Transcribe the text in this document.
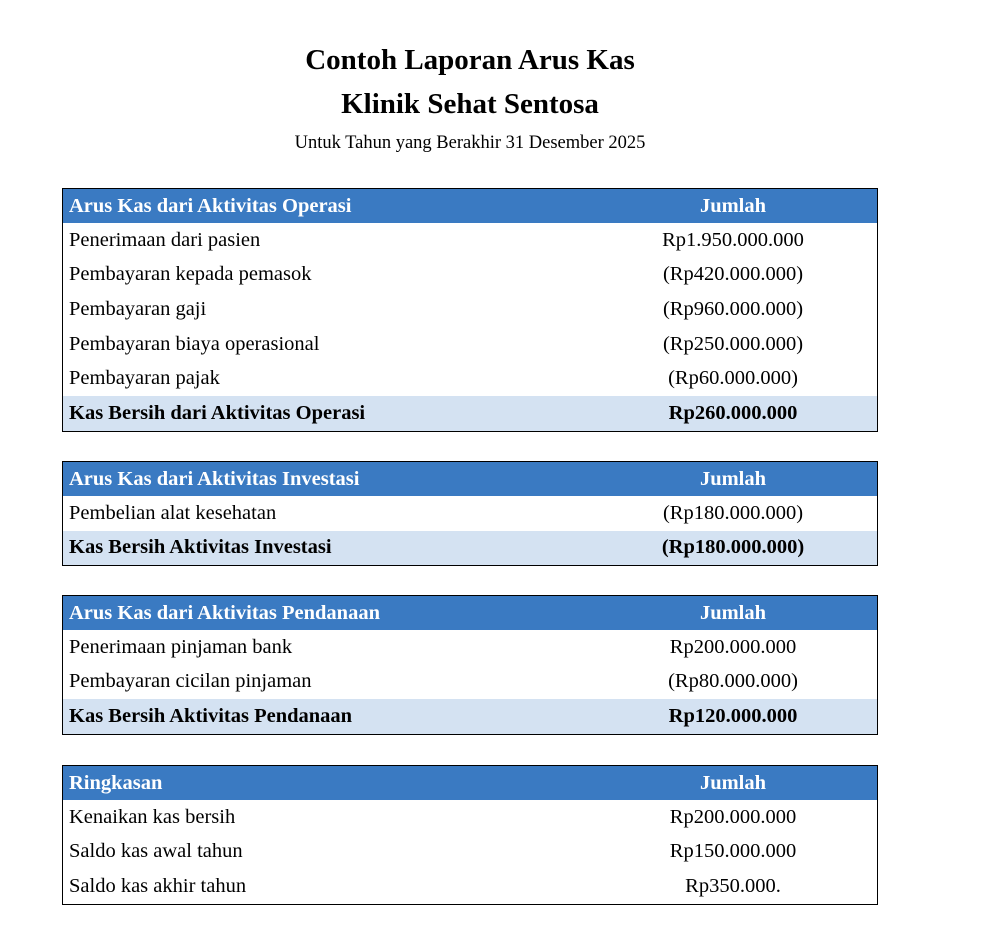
Contoh Laporan Arus Kas
Klinik Sehat Sentosa
Untuk Tahun yang Berakhir 31 Desember 2025
Arus Kas dari Aktivitas Operasi	Jumlah
Penerimaan dari pasien	Rp1.950.000.000
Pembayaran kepada pemasok	(Rp420.000.000)
Pembayaran gaji	(Rp960.000.000)
Pembayaran biaya operasional	(Rp250.000.000)
Pembayaran pajak	(Rp60.000.000)
Kas Bersih dari Aktivitas Operasi	Rp260.000.000
Arus Kas dari Aktivitas Investasi	Jumlah
Pembelian alat kesehatan	(Rp180.000.000)
Kas Bersih Aktivitas Investasi	(Rp180.000.000)
Arus Kas dari Aktivitas Pendanaan	Jumlah
Penerimaan pinjaman bank	Rp200.000.000
Pembayaran cicilan pinjaman	(Rp80.000.000)
Kas Bersih Aktivitas Pendanaan	Rp120.000.000
Ringkasan	Jumlah
Kenaikan kas bersih	Rp200.000.000
Saldo kas awal tahun	Rp150.000.000
Saldo kas akhir tahun	Rp350.000.
